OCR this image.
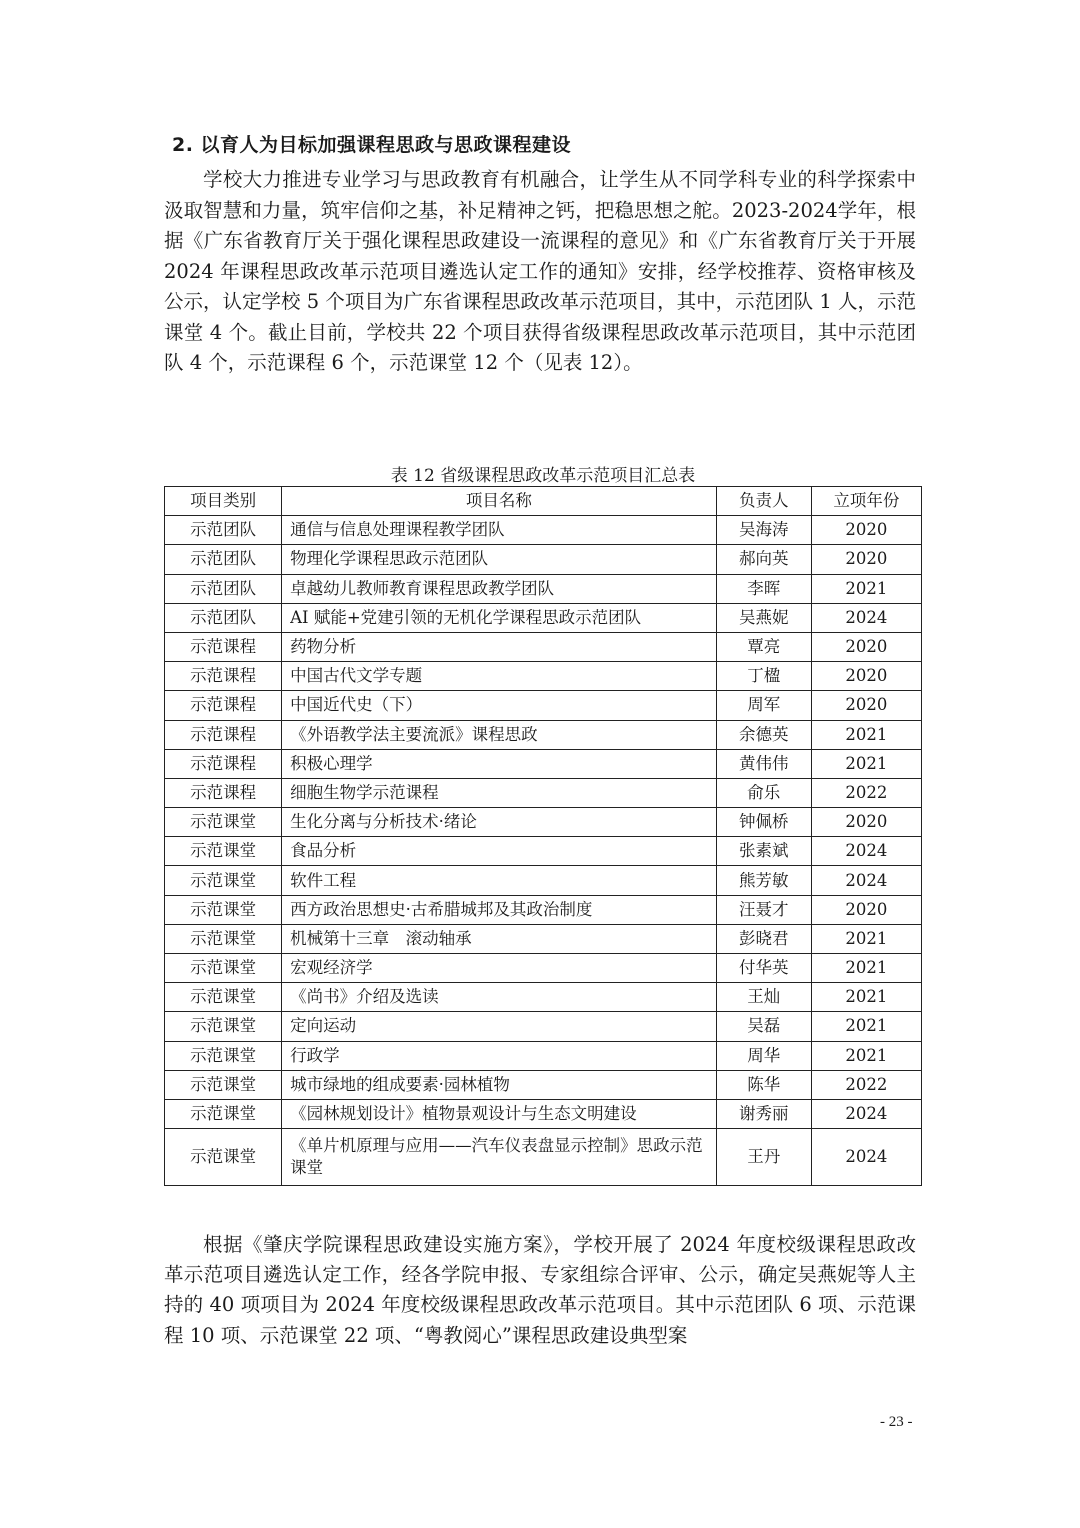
2. 以育人为目标加强课程思政与思政课程建设

学校大力推进专业学习与思政教育有机融合，让学生从不同学科专业的科学探索中汲取智慧和力量，筑牢信仰之基，补足精神之钙，把稳思想之舵。2023-2024学年，根据《广东省教育厅关于强化课程思政建设一流课程的意见》和《广东省教育厅关于开展 2024 年课程思政改革示范项目遴选认定工作的通知》安排，经学校推荐、资格审核及公示，认定学校 5 个项目为广东省课程思政改革示范项目，其中，示范团队 1 人，示范课堂 4 个。截止目前，学校共 22 个项目获得省级课程思政改革示范项目，其中示范团队 4 个，示范课程 6 个，示范课堂 12 个（见表 12）。

表 12 省级课程思政改革示范项目汇总表
项目类别	项目名称	负责人	立项年份
示范团队	通信与信息处理课程教学团队	吴海涛	2020
示范团队	物理化学课程思政示范团队	郝向英	2020
示范团队	卓越幼儿教师教育课程思政教学团队	李晖	2021
示范团队	AI 赋能+党建引领的无机化学课程思政示范团队	吴燕妮	2024
示范课程	药物分析	覃亮	2020
示范课程	中国古代文学专题	丁楹	2020
示范课程	中国近代史（下）	周军	2020
示范课程	《外语教学法主要流派》课程思政	余德英	2021
示范课程	积极心理学	黄伟伟	2021
示范课程	细胞生物学示范课程	俞乐	2022
示范课堂	生化分离与分析技术·绪论	钟佩桥	2020
示范课堂	食品分析	张素斌	2024
示范课堂	软件工程	熊芳敏	2024
示范课堂	西方政治思想史·古希腊城邦及其政治制度	汪聂才	2020
示范课堂	机械第十三章　滚动轴承	彭晓君	2021
示范课堂	宏观经济学	付华英	2021
示范课堂	《尚书》介绍及选读	王灿	2021
示范课堂	定向运动	吴磊	2021
示范课堂	行政学	周华	2021
示范课堂	城市绿地的组成要素·园林植物	陈华	2022
示范课堂	《园林规划设计》植物景观设计与生态文明建设	谢秀丽	2024
示范课堂	《单片机原理与应用——汽车仪表盘显示控制》思政示范课堂	王丹	2024

根据《肇庆学院课程思政建设实施方案》，学校开展了 2024 年度校级课程思政改革示范项目遴选认定工作，经各学院申报、专家组综合评审、公示，确定吴燕妮等人主持的 40 项项目为 2024 年度校级课程思政改革示范项目。其中示范团队 6 项、示范课程 10 项、示范课堂 22 项、“粤教阅心”课程思政建设典型案

- 23 -
